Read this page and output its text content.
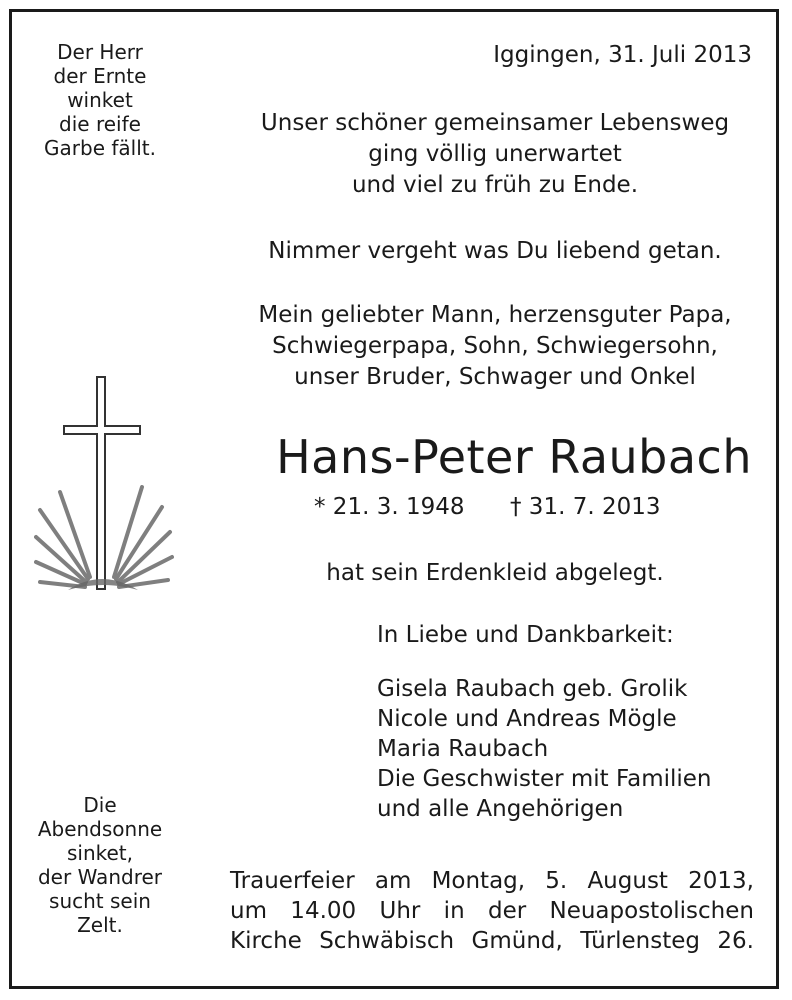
Der Herr
der Ernte
winket
die reife
Garbe fällt.
Die
Abendsonne
sinket,
der Wandrer
sucht sein
Zelt.
Iggingen, 31. Juli 2013
Unser schöner gemeinsamer Lebensweg
ging völlig unerwartet
und viel zu früh zu Ende.
Nimmer vergeht was Du liebend getan.
Mein geliebter Mann, herzensguter Papa,
Schwiegerpapa, Sohn, Schwiegersohn,
unser Bruder, Schwager und Onkel
Hans-Peter Raubach
* 21. 3. 1948 † 31. 7. 2013
hat sein Erdenkleid abgelegt.
In Liebe und Dankbarkeit:
Gisela Raubach geb. Grolik
Nicole und Andreas Mögle
Maria Raubach
Die Geschwister mit Familien
und alle Angehörigen
Trauerfeier am Montag, 5. August 2013,
um 14.00 Uhr in der Neuapostolischen
Kirche Schwäbisch Gmünd, Türlensteg 26.
